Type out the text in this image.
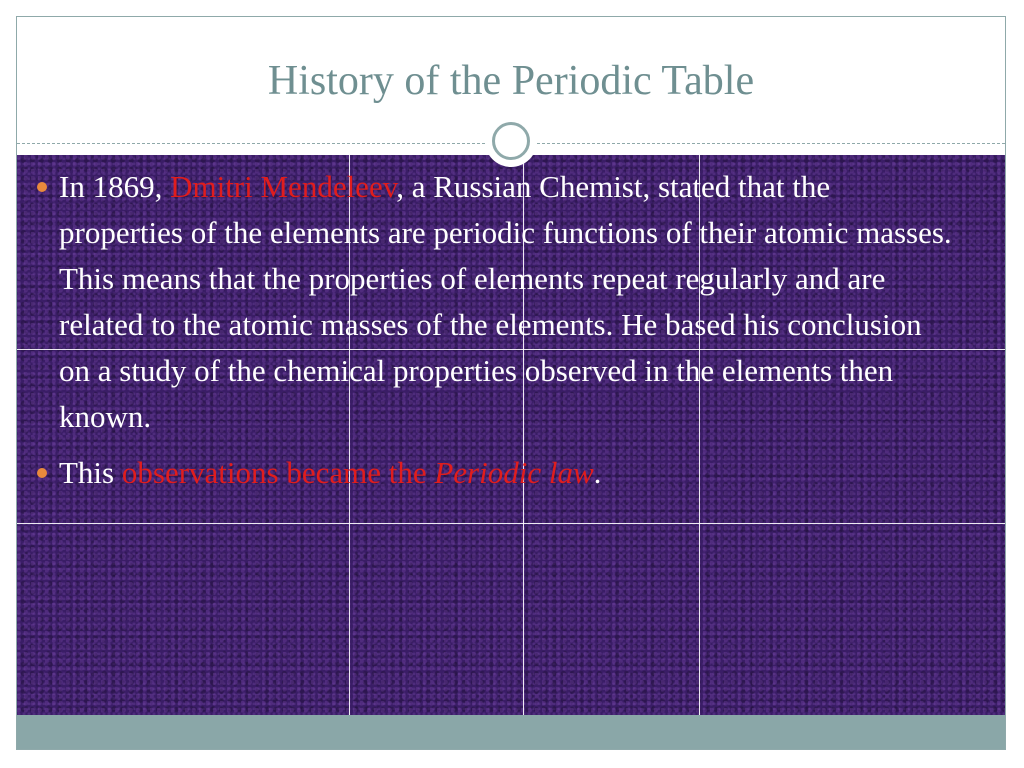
History of the Periodic Table
In 1869, Dmitri Mendeleev, a Russian Chemist, stated that the properties of the elements are periodic functions of their atomic masses. This means that the properties of elements repeat regularly and are related to the atomic masses of the elements. He based his conclusion on a study of the chemical properties observed in the elements then known.
This observations became the Periodic law.
